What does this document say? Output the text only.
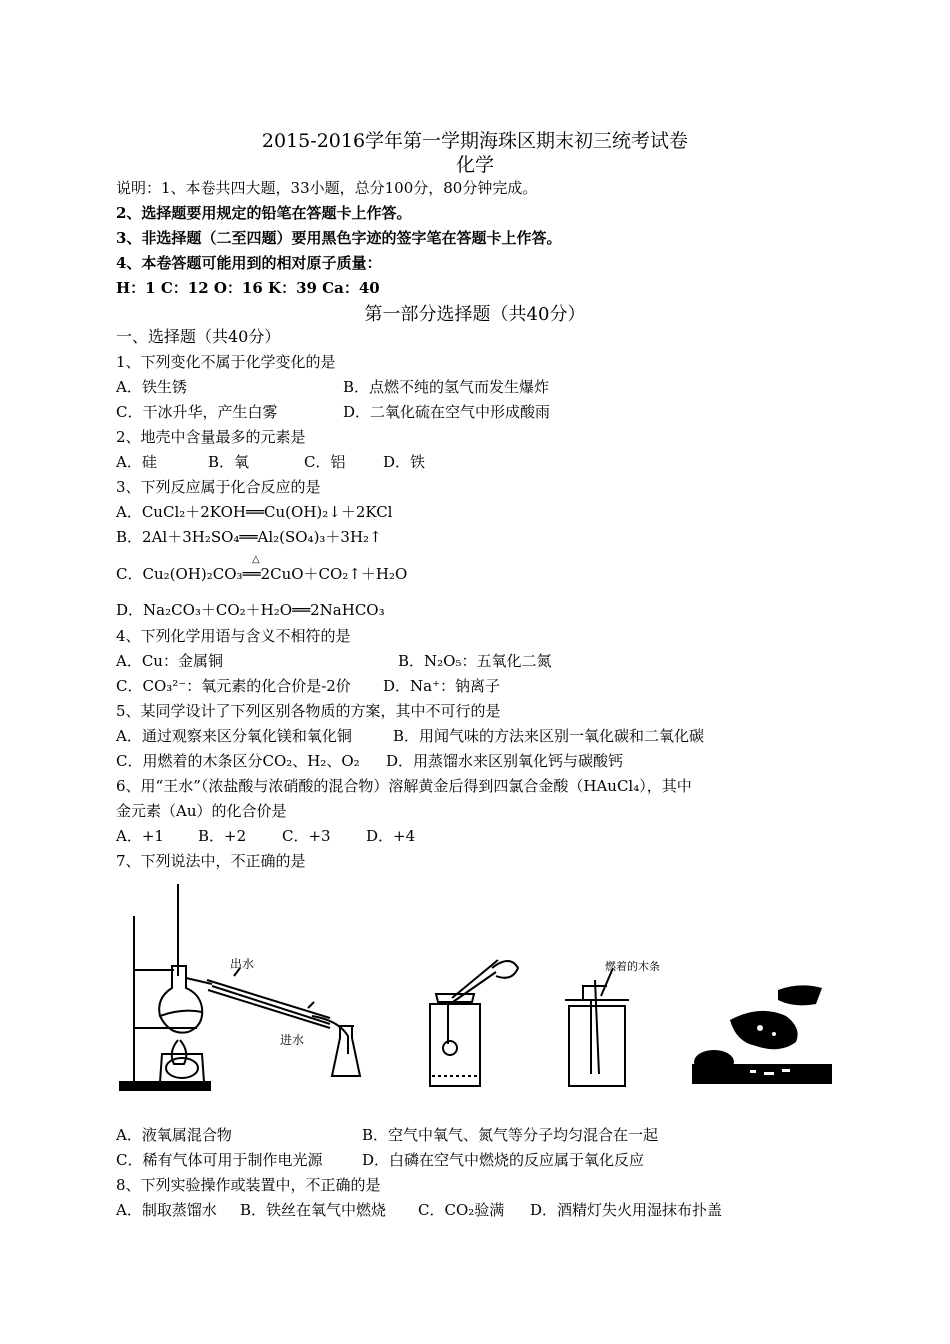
2015-2016学年第一学期海珠区期末初三统考试卷
化学
说明：1、本卷共四大题，33小题，总分100分，80分钟完成。
2、选择题要用规定的铅笔在答题卡上作答。
3、非选择题（二至四题）要用黑色字迹的签字笔在答题卡上作答。
4、本卷答题可能用到的相对原子质量：
H：1 C：12 O：16 K：39 Ca：40
第一部分选择题（共40分）
一、选择题（共40分）
1、下列变化不属于化学变化的是
A．铁生锈	B．点燃不纯的氢气而发生爆炸
C．干冰升华，产生白雾	D．二氧化硫在空气中形成酸雨
2、地壳中含量最多的元素是
A．硅	B．氧	C．铝	D．铁
3、下列反应属于化合反应的是
A．CuCl₂＋2KOH══Cu(OH)₂↓＋2KCl
B．2Al＋3H₂SO₄══Al₂(SO₄)₃＋3H₂↑
△
C．Cu₂(OH)₂CO₃══2CuO＋CO₂↑＋H₂O
D．Na₂CO₃＋CO₂＋H₂O══2NaHCO₃
4、下列化学用语与含义不相符的是
A．Cu：金属铜	B．N₂O₅：五氧化二氮
C．CO₃²⁻：氧元素的化合价是-2价 D．Na⁺：钠离子
5、某同学设计了下列区别各物质的方案，其中不可行的是
A．通过观察来区分氧化镁和氧化铜	B．用闻气味的方法来区别一氧化碳和二氧化碳
C．用燃着的木条区分CO₂、H₂、O₂ D．用蒸馏水来区别氧化钙与碳酸钙
6、用“王水”（浓盐酸与浓硝酸的混合物）溶解黄金后得到四氯合金酸（HAuCl₄），其中
金元素（Au）的化合价是
A．+1 B．+2 C．+3 D．+4
7、下列说法中，不正确的是
出水
进水
燃着的木条
A．液氧属混合物	B．空气中氧气、氮气等分子均匀混合在一起
C．稀有气体可用于制作电光源	D．白磷在空气中燃烧的反应属于氧化反应
8、下列实验操作或装置中，不正确的是
A．制取蒸馏水 B．铁丝在氧气中燃烧 C．CO₂验满 D．酒精灯失火用湿抹布扑盖
